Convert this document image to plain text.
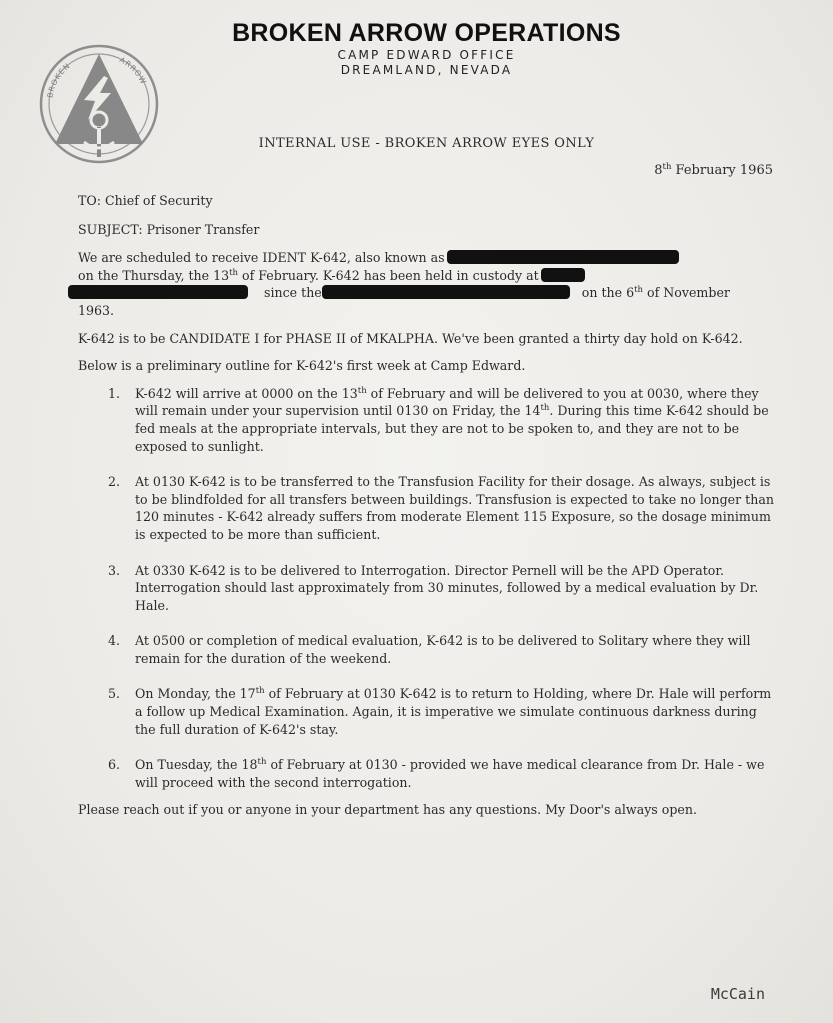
BROKEN ARROW OPERATIONS
CAMP EDWARD OFFICE
DREAMLAND, NEVADA
BROKEN
ARROW
INTERNAL USE - BROKEN ARROW EYES ONLY
8th February 1965

TO: Chief of Security

SUBJECT: Prisoner Transfer

We are scheduled to receive IDENT K-642, also known as
on the Thursday, the 13th of February. K-642 has been held in custody at
since the	on the 6th of November
1963.

K-642 is to be CANDIDATE I for PHASE II of MKALPHA. We've been granted a thirty day hold on K-642.

Below is a preliminary outline for K-642's first week at Camp Edward.

1. K-642 will arrive at 0000 on the 13th of February and will be delivered to you at 0030, where they will remain under your supervision until 0130 on Friday, the 14th. During this time K-642 should be fed meals at the appropriate intervals, but they are not to be spoken to, and they are not to be exposed to sunlight.
2. At 0130 K-642 is to be transferred to the Transfusion Facility for their dosage. As always, subject is to be blindfolded for all transfers between buildings. Transfusion is expected to take no longer than 120 minutes - K-642 already suffers from moderate Element 115 Exposure, so the dosage minimum is expected to be more than sufficient.
3. At 0330 K-642 is to be delivered to Interrogation. Director Pernell will be the APD Operator. Interrogation should last approximately from 30 minutes, followed by a medical evaluation by Dr. Hale.
4. At 0500 or completion of medical evaluation, K-642 is to be delivered to Solitary where they will remain for the duration of the weekend.
5. On Monday, the 17th of February at 0130 K-642 is to return to Holding, where Dr. Hale will perform a follow up Medical Examination. Again, it is imperative we simulate continuous darkness during the full duration of K-642's stay.
6. On Tuesday, the 18th of February at 0130 - provided we have medical clearance from Dr. Hale - we will proceed with the second interrogation.

Please reach out if you or anyone in your department has any questions. My Door's always open.

McCain
